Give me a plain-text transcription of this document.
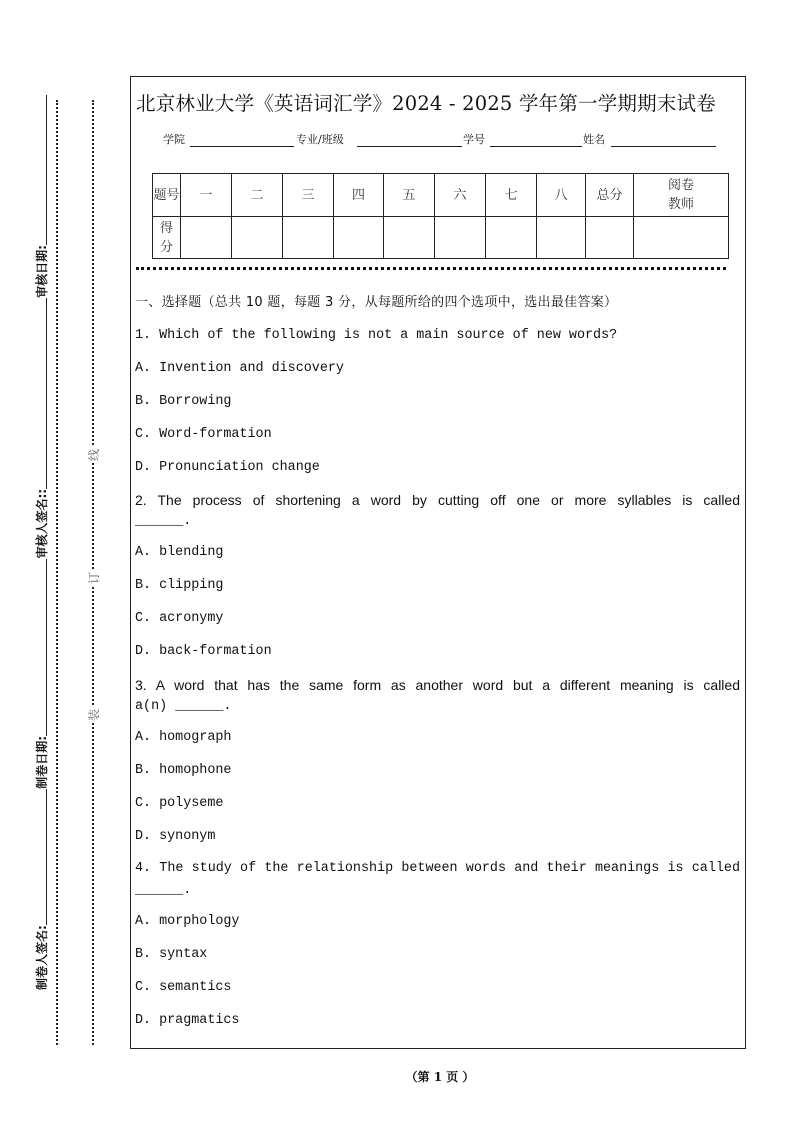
北京林业大学《英语词汇学》2024 - 2025 学年第一学期期末试卷
学院	专业/班级	学号	姓名
题号	一	二	三	四	五	六	七	八	总分	阅卷教师
得分										
一、选择题（总共 10 题，每题 3 分，从每题所给的四个选项中，选出最佳答案）
1. Which of the following is not a main source of new words?
A. Invention and discovery
B. Borrowing
C. Word-formation
D. Pronunciation change
2. The process of shortening a word by cutting off one or more syllables is called
______.
A. blending
B. clipping
C. acronymy
D. back-formation
3. A word that has the same form as another word but a different meaning is called
a(n) ______.
A. homograph
B. homophone
C. polyseme
D. synonym
4. The study of the relationship between words and their meanings is called
______.
A. morphology
B. syntax
C. semantics
D. pragmatics
制卷人签名:
制卷日期:
审核人签名::
审核日期:
装
订
线
（第 1 页 ）
